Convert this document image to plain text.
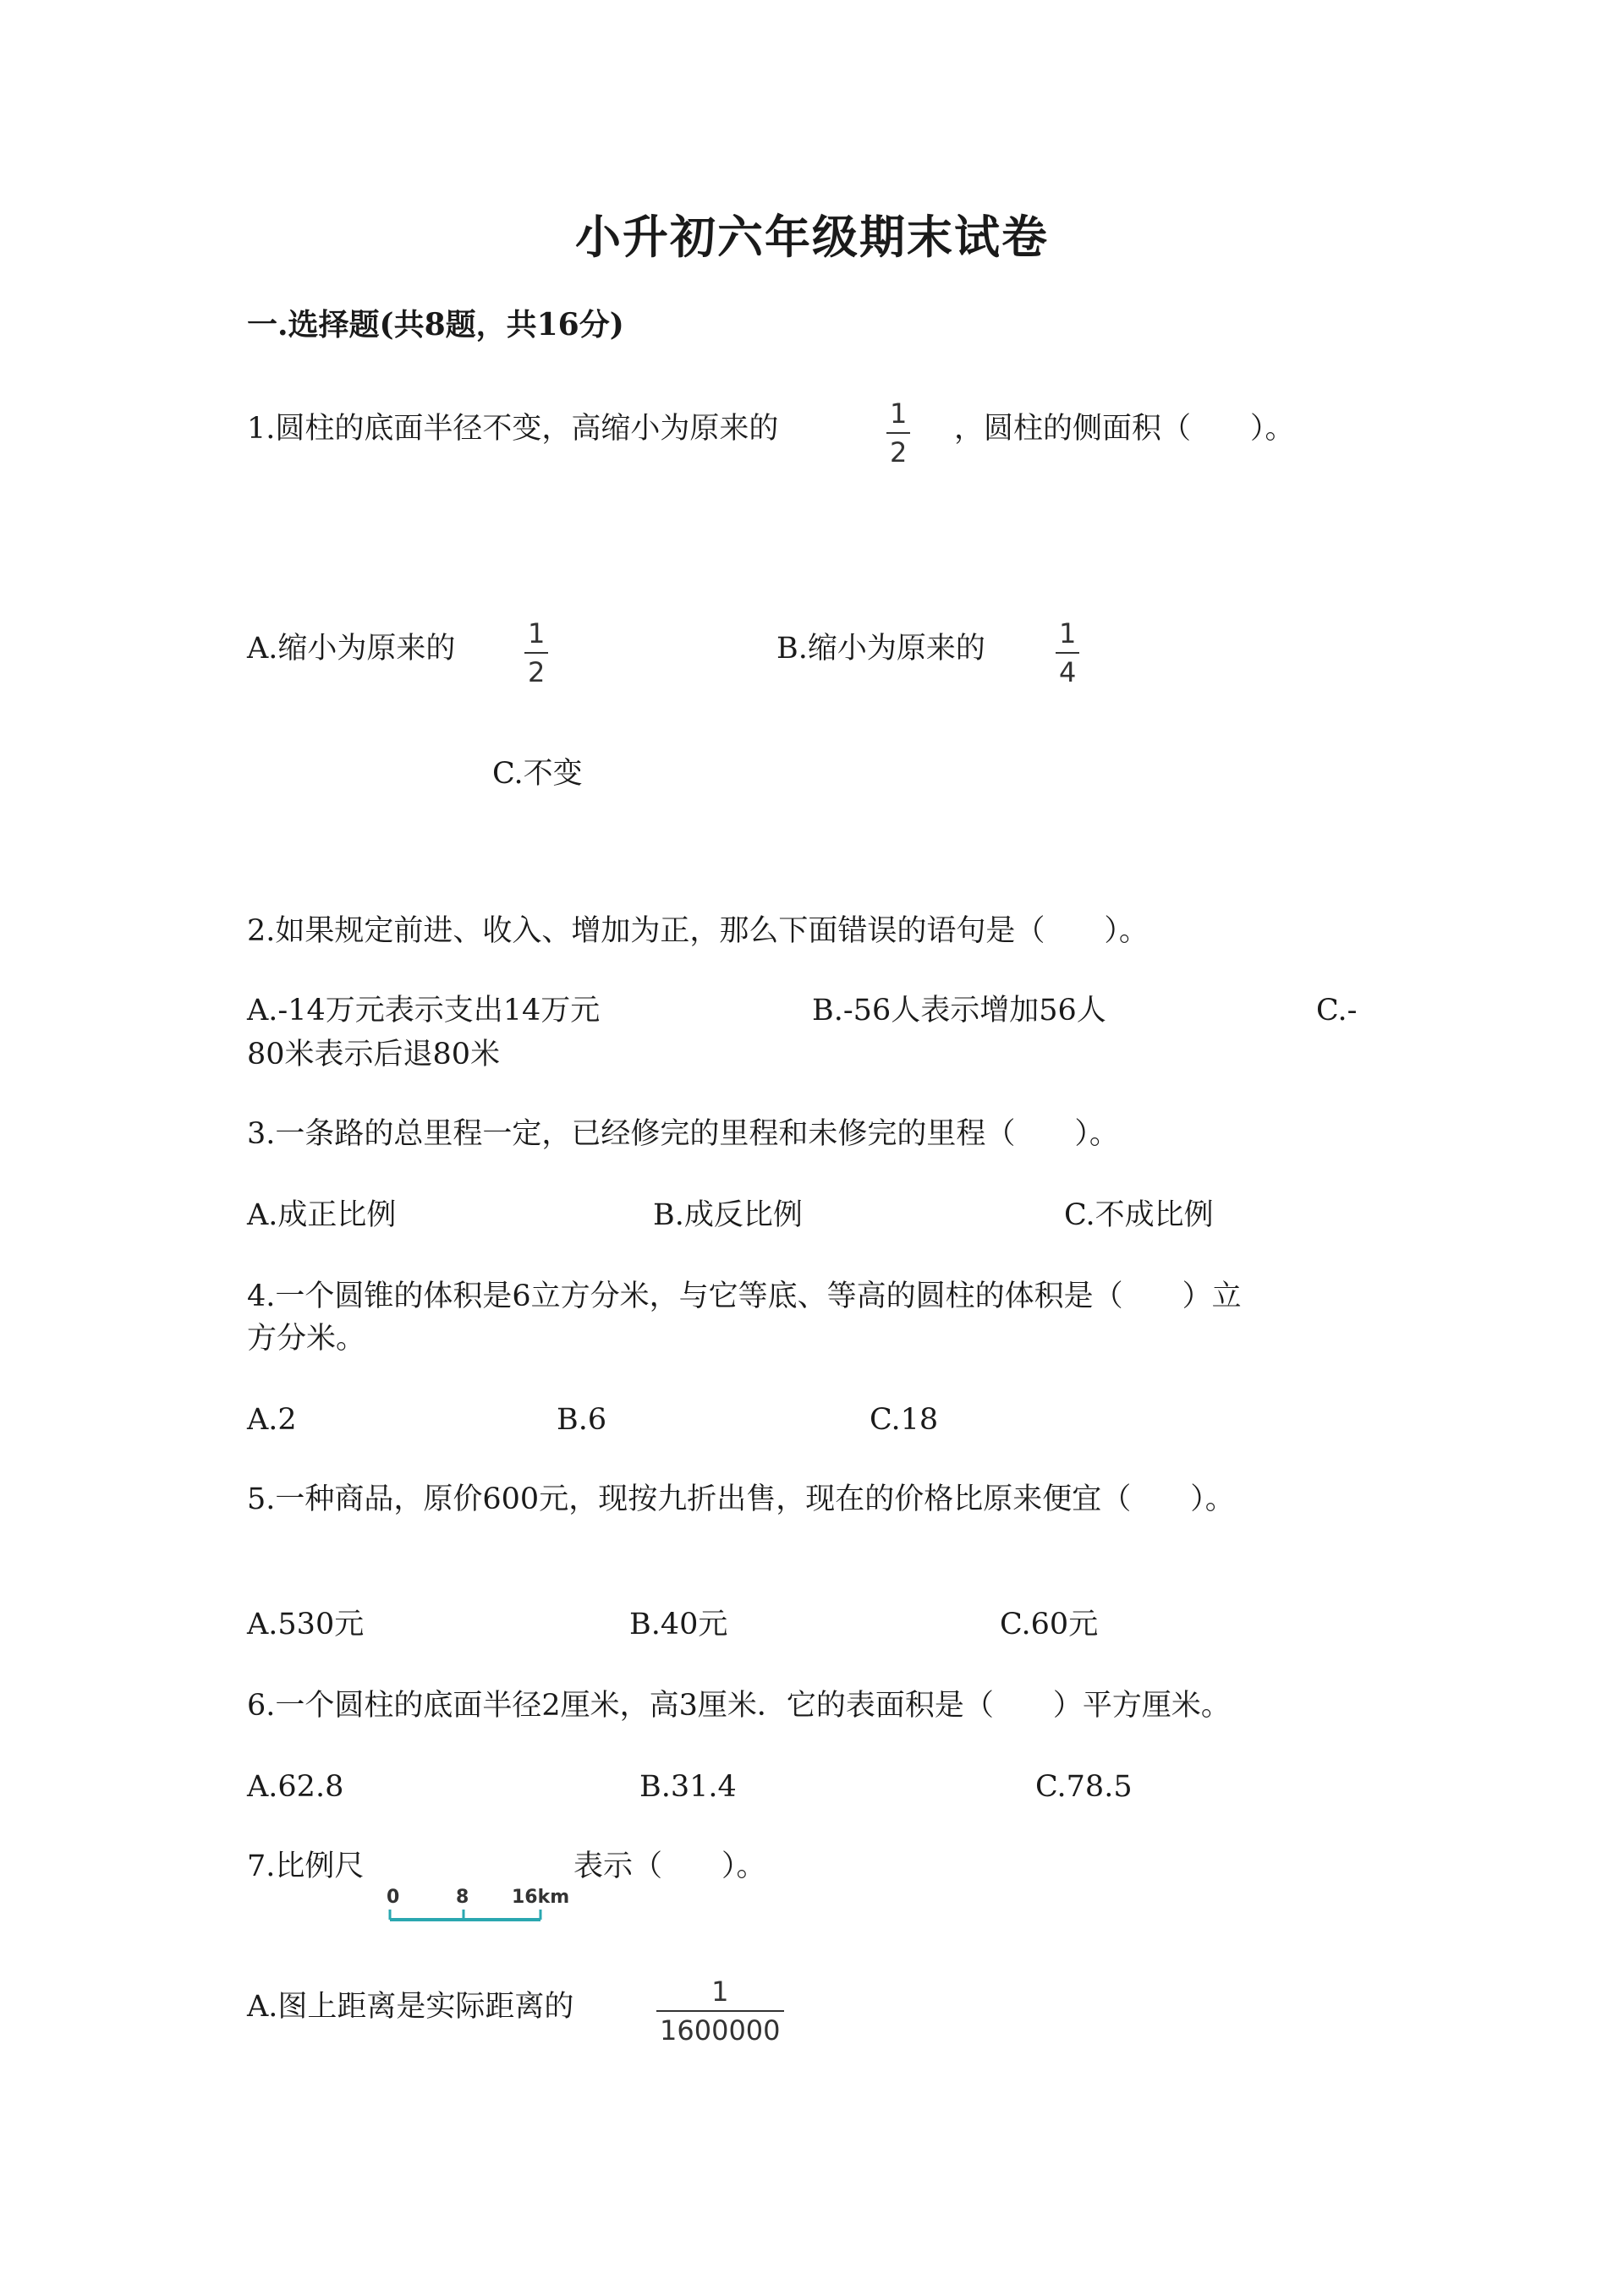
小升初六年级期末试卷
一.选择题(共8题，共16分)
1.圆柱的底面半径不变，高缩小为原来的	1
2
，圆柱的侧面积（　　）。
A.缩小为原来的	1
2
B.缩小为原来的	1
4
C.不变
2.如果规定前进、收入、增加为正，那么下面错误的语句是（　　）。
A.-14万元表示支出14万元	B.-56人表示增加56人	C.-
80米表示后退80米
3.一条路的总里程一定，已经修完的里程和未修完的里程（　　）。
A.成正比例	B.成反比例	C.不成比例
4.一个圆锥的体积是6立方分米，与它等底、等高的圆柱的体积是（　　）立
方分米。
A.2	B.6	C.18
5.一种商品，原价600元，现按九折出售，现在的价格比原来便宜（　　）。
A.530元	B.40元	C.60元
6.一个圆柱的底面半径2厘米，高3厘米．它的表面积是（　　）平方厘米。
A.62.8	B.31.4	C.78.5
7.比例尺
0	8 16km
表示（　　）。
A.图上距离是实际距离的	1
1600000
